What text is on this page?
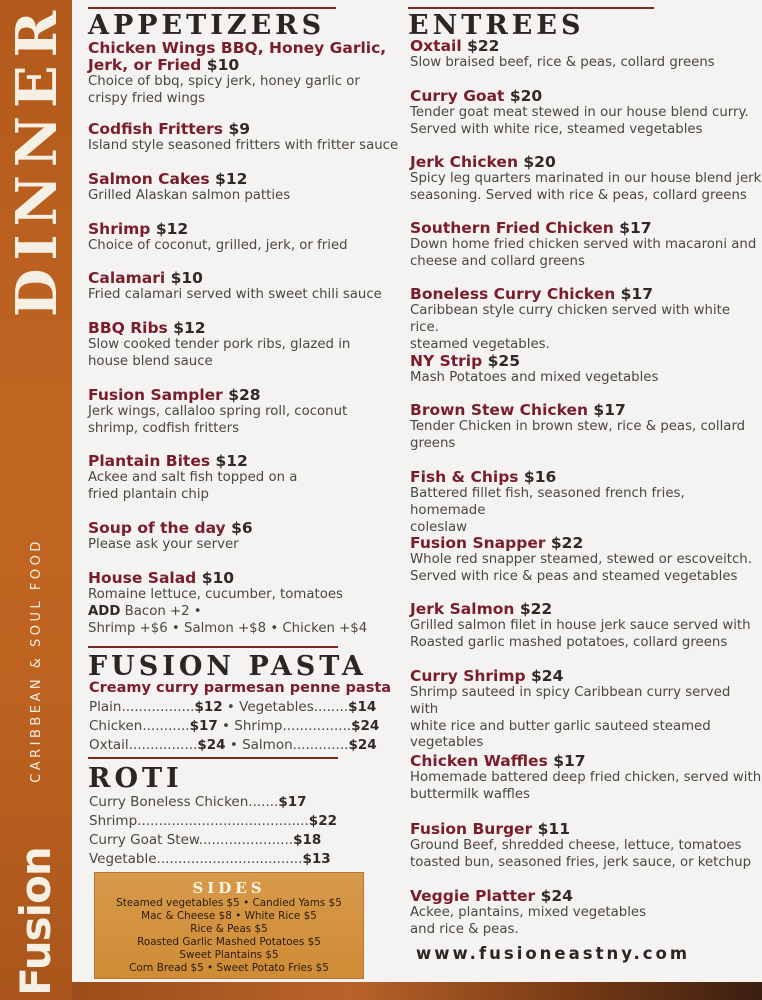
DINNER
CARIBBEAN & SOUL FOOD
Fusion
APPETIZERS
Chicken Wings BBQ, Honey Garlic,
Jerk, or Fried $10
Choice of bbq, spicy jerk, honey garlic or
crispy fried wings
Codfish Fritters $9
Island style seasoned fritters with fritter sauce
Salmon Cakes $12
Grilled Alaskan salmon patties
Shrimp $12
Choice of coconut, grilled, jerk, or fried
Calamari $10
Fried calamari served with sweet chili sauce
BBQ Ribs $12
Slow cooked tender pork ribs, glazed in
house blend sauce
Fusion Sampler $28
Jerk wings, callaloo spring roll, coconut
shrimp, codfish fritters
Plantain Bites $12
Ackee and salt fish topped on a
fried plantain chip
Soup of the day $6
Please ask your server
House Salad $10
Romaine lettuce, cucumber, tomatoes
ADD Bacon +2 •
Shrimp +$6 • Salmon +$8 • Chicken +$4
FUSION PASTA
Creamy curry parmesan penne pasta
Plain.................$12 • Vegetables........$14
Chicken...........$17 • Shrimp................$24
Oxtail................$24 • Salmon.............$24
ROTI
Curry Boneless Chicken.......$17
Shrimp........................................$22
Curry Goat Stew......................$18
Vegetable..................................$13
SIDES
Steamed vegetables $5 • Candied Yams $5
Mac & Cheese $8 • White Rice $5
Rice & Peas $5
Roasted Garlic Mashed Potatoes $5
Sweet Plantains $5
Corn Bread $5 • Sweet Potato Fries $5
ENTREES
Oxtail $22
Slow braised beef, rice & peas, collard greens
Curry Goat $20
Tender goat meat stewed in our house blend curry.
Served with white rice, steamed vegetables
Jerk Chicken $20
Spicy leg quarters marinated in our house blend jerk
seasoning. Served with rice & peas, collard greens
Southern Fried Chicken $17
Down home fried chicken served with macaroni and
cheese and collard greens
Boneless Curry Chicken $17
Caribbean style curry chicken served with white rice.
steamed vegetables.
NY Strip $25
Mash Potatoes and mixed vegetables
Brown Stew Chicken $17
Tender Chicken in brown stew, rice & peas, collard
greens
Fish & Chips $16
Battered fillet fish, seasoned french fries, homemade
coleslaw
Fusion Snapper $22
Whole red snapper steamed, stewed or escoveitch.
Served with rice & peas and steamed vegetables
Jerk Salmon $22
Grilled salmon filet in house jerk sauce served with
Roasted garlic mashed potatoes, collard greens
Curry Shrimp $24
Shrimp sauteed in spicy Caribbean curry served with
white rice and butter garlic sauteed steamed
vegetables
Chicken Waffles $17
Homemade battered deep fried chicken, served with
buttermilk waffles
Fusion Burger $11
Ground Beef, shredded cheese, lettuce, tomatoes
toasted bun, seasoned fries, jerk sauce, or ketchup
Veggie Platter $24
Ackee, plantains, mixed vegetables
and rice & peas.
www.fusioneastny.com
